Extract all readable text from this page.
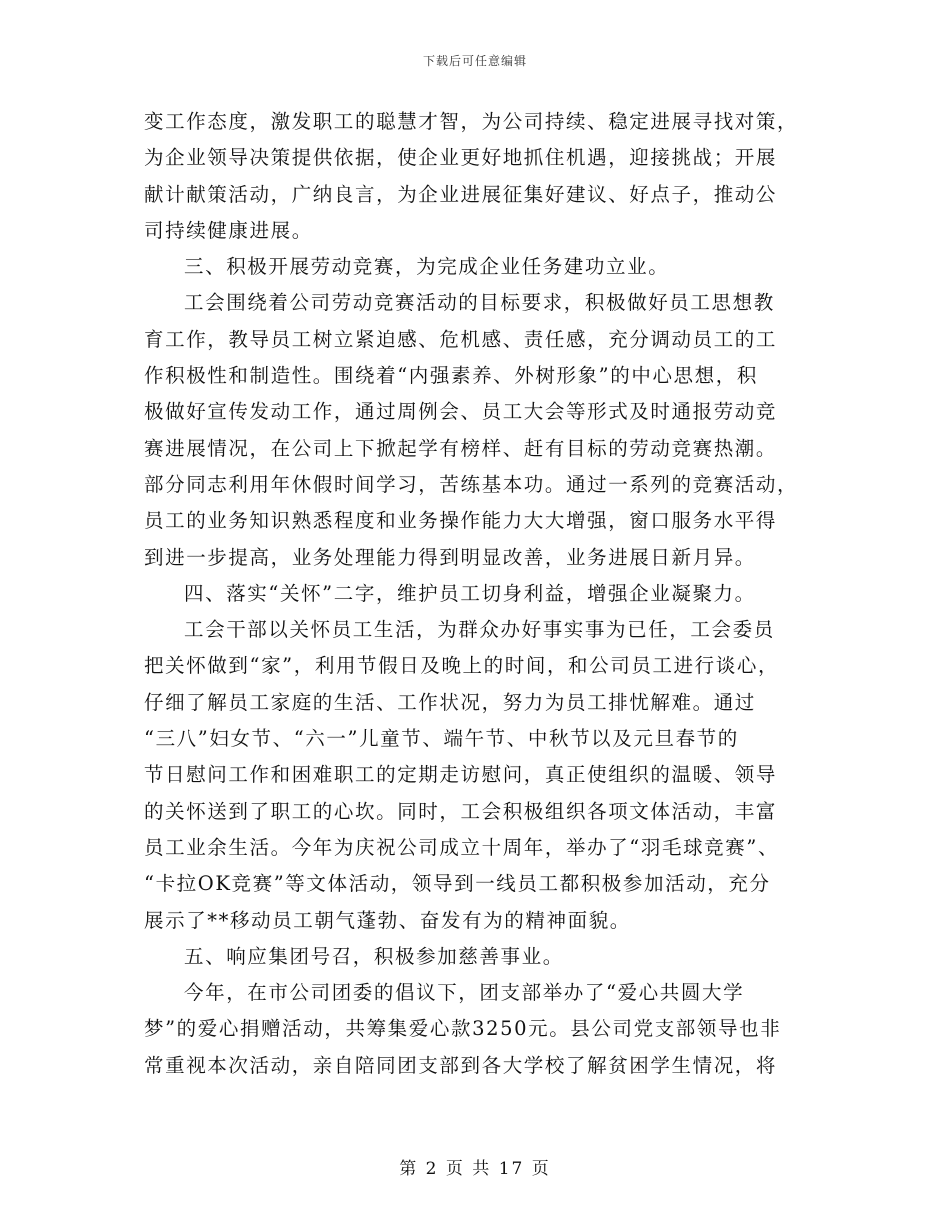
下载后可任意编辑
变工作态度，激发职工的聪慧才智，为公司持续、稳定进展寻找对策，
为企业领导决策提供依据，使企业更好地抓住机遇，迎接挑战；开展
献计献策活动，广纳良言，为企业进展征集好建议、好点子，推动公
司持续健康进展。
三、积极开展劳动竞赛，为完成企业任务建功立业。
工会围绕着公司劳动竞赛活动的目标要求，积极做好员工思想教
育工作，教导员工树立紧迫感、危机感、责任感，充分调动员工的工
作积极性和制造性。围绕着“内强素养、外树形象”的中心思想，积
极做好宣传发动工作，通过周例会、员工大会等形式及时通报劳动竞
赛进展情况，在公司上下掀起学有榜样、赶有目标的劳动竞赛热潮。
部分同志利用年休假时间学习，苦练基本功。通过一系列的竞赛活动，
员工的业务知识熟悉程度和业务操作能力大大增强，窗口服务水平得
到进一步提高，业务处理能力得到明显改善，业务进展日新月异。
四、落实“关怀”二字，维护员工切身利益，增强企业凝聚力。
工会干部以关怀员工生活，为群众办好事实事为已任，工会委员
把关怀做到“家”，利用节假日及晚上的时间，和公司员工进行谈心，
仔细了解员工家庭的生活、工作状况，努力为员工排忧解难。通过
“三八”妇女节、“六一”儿童节、端午节、中秋节以及元旦春节的
节日慰问工作和困难职工的定期走访慰问，真正使组织的温暖、领导
的关怀送到了职工的心坎。同时，工会积极组织各项文体活动，丰富
员工业余生活。今年为庆祝公司成立十周年，举办了“羽毛球竞赛”、
“卡拉OK竞赛”等文体活动，领导到一线员工都积极参加活动，充分
展示了**移动员工朝气蓬勃、奋发有为的精神面貌。
五、响应集团号召，积极参加慈善事业。
今年，在市公司团委的倡议下，团支部举办了“爱心共圆大学
梦”的爱心捐赠活动，共筹集爱心款3250元。县公司党支部领导也非
常重视本次活动，亲自陪同团支部到各大学校了解贫困学生情况，将
第 2 页 共 17 页
